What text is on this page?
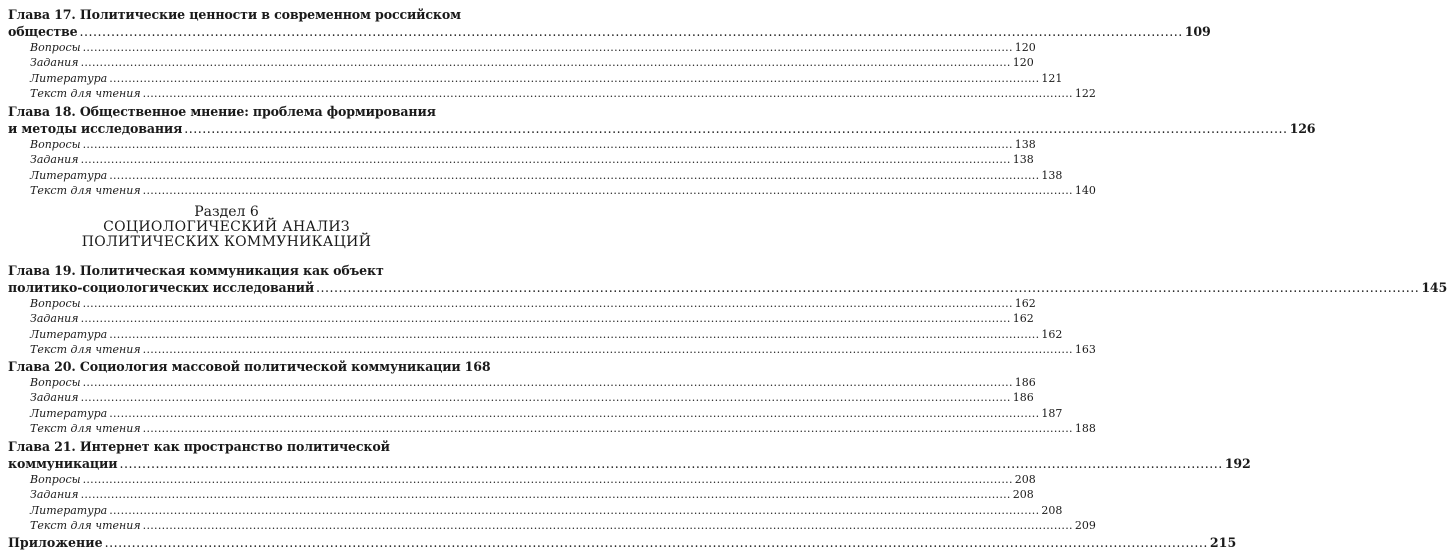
Глава 17. Политические ценности в современном российском
обществе .....	109
Вопросы .....	120
Задания .....	120
Литература .....	121
Текст для чтения .....	122
Глава 18. Общественное мнение: проблема формирования
и методы исследования .....	126
Вопросы .....	138
Задания .....	138
Литература .....	138
Текст для чтения .....	140
Раздел 6
СОЦИОЛОГИЧЕСКИЙ АНАЛИЗ
ПОЛИТИЧЕСКИХ КОММУНИКАЦИЙ
Глава 19. Политическая коммуникация как объект
политико-социологических исследований .....	145
Вопросы .....	162
Задания .....	162
Литература .....	162
Текст для чтения .....	163
Глава 20. Социология массовой политической коммуникации 168
Вопросы .....	186
Задания .....	186
Литература .....	187
Текст для чтения .....	188
Глава 21. Интернет как пространство политической
коммуникации .....	192
Вопросы .....	208
Задания .....	208
Литература .....	208
Текст для чтения .....	209
Приложение .....	215
